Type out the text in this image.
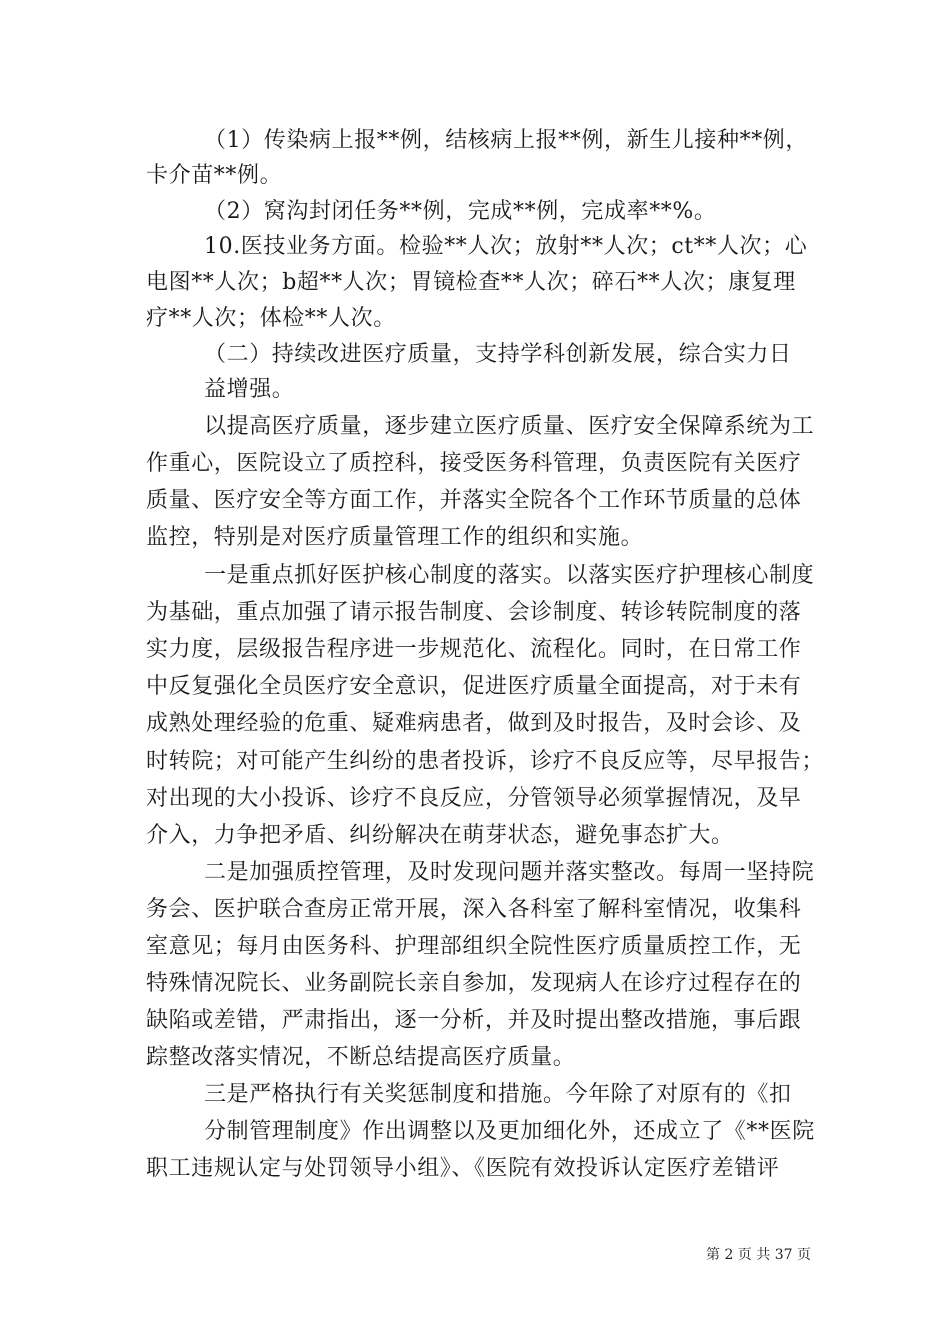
（1）传染病上报**例，结核病上报**例，新生儿接种**例，
卡介苗**例。
（2）窝沟封闭任务**例，完成**例，完成率**%。
10.医技业务方面。检验**人次；放射**人次；ct**人次；心
电图**人次；b超**人次；胃镜检查**人次；碎石**人次；康复理
疗**人次；体检**人次。
（二）持续改进医疗质量，支持学科创新发展，综合实力日
益增强。
以提高医疗质量，逐步建立医疗质量、医疗安全保障系统为工
作重心，医院设立了质控科，接受医务科管理，负责医院有关医疗
质量、医疗安全等方面工作，并落实全院各个工作环节质量的总体
监控，特别是对医疗质量管理工作的组织和实施。
一是重点抓好医护核心制度的落实。以落实医疗护理核心制度
为基础，重点加强了请示报告制度、会诊制度、转诊转院制度的落
实力度，层级报告程序进一步规范化、流程化。同时，在日常工作
中反复强化全员医疗安全意识，促进医疗质量全面提高，对于未有
成熟处理经验的危重、疑难病患者，做到及时报告，及时会诊、及
时转院；对可能产生纠纷的患者投诉，诊疗不良反应等，尽早报告；
对出现的大小投诉、诊疗不良反应，分管领导必须掌握情况，及早
介入，力争把矛盾、纠纷解决在萌芽状态，避免事态扩大。
二是加强质控管理，及时发现问题并落实整改。每周一坚持院
务会、医护联合查房正常开展，深入各科室了解科室情况，收集科
室意见；每月由医务科、护理部组织全院性医疗质量质控工作，无
特殊情况院长、业务副院长亲自参加，发现病人在诊疗过程存在的
缺陷或差错，严肃指出，逐一分析，并及时提出整改措施，事后跟
踪整改落实情况，不断总结提高医疗质量。
三是严格执行有关奖惩制度和措施。今年除了对原有的《扣
分制管理制度》作出调整以及更加细化外，还成立了《**医院
职工违规认定与处罚领导小组》、《医院有效投诉认定医疗差错评
第 2 页 共 37 页
